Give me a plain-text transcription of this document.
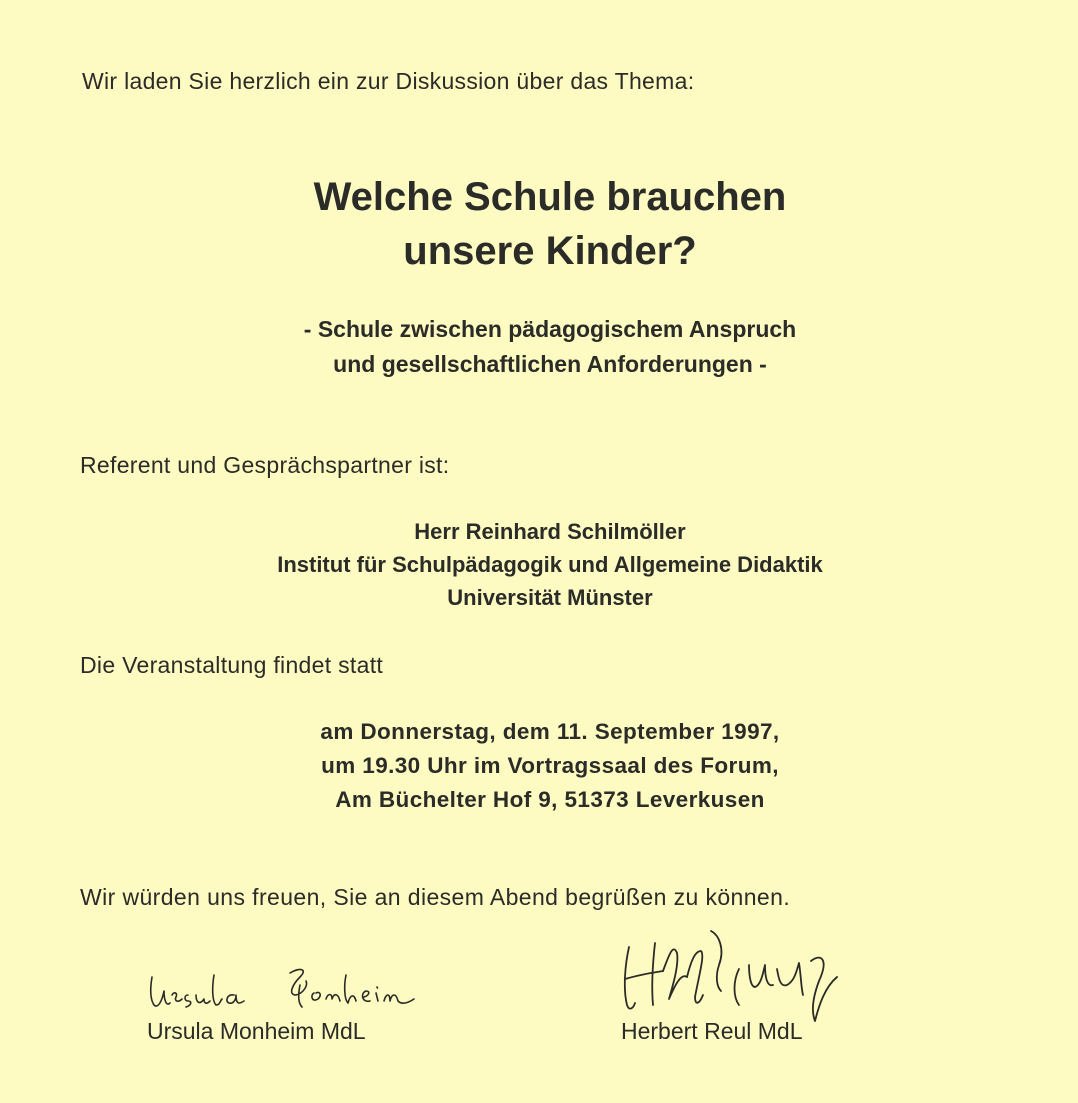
Wir laden Sie herzlich ein zur Diskussion über das Thema:
Welche Schule brauchen
unsere Kinder?
- Schule zwischen pädagogischem Anspruch
und gesellschaftlichen Anforderungen -
Referent und Gesprächspartner ist:
Herr Reinhard Schilmöller
Institut für Schulpädagogik und Allgemeine Didaktik
Universität Münster
Die Veranstaltung findet statt
am Donnerstag, dem 11. September 1997,
um 19.30 Uhr im Vortragssaal des Forum,
Am Büchelter Hof 9, 51373 Leverkusen
Wir würden uns freuen, Sie an diesem Abend begrüßen zu können.
Ursula Monheim MdL	Herbert Reul MdL
